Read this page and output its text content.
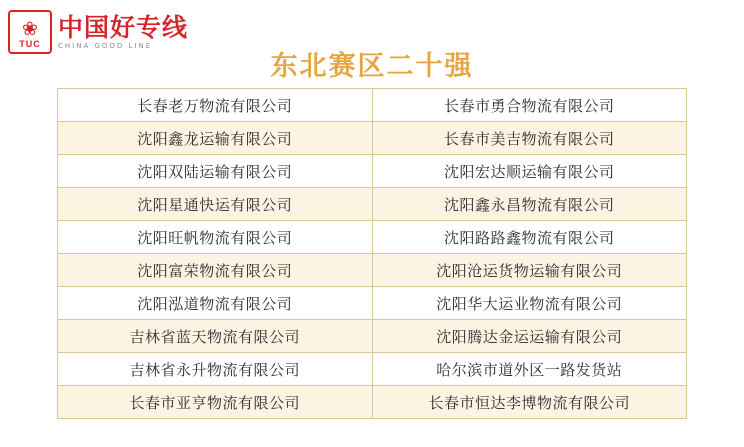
❀
TUC
中国好专线
CHINA GOOD LINE
东北赛区二十强
长春老万物流有限公司	长春市勇合物流有限公司
沈阳鑫龙运输有限公司	长春市美吉物流有限公司
沈阳双陆运输有限公司	沈阳宏达顺运输有限公司
沈阳星通快运有限公司	沈阳鑫永昌物流有限公司
沈阳旺帆物流有限公司	沈阳路路鑫物流有限公司
沈阳富荣物流有限公司	沈阳沧运货物运输有限公司
沈阳泓道物流有限公司	沈阳华大运业物流有限公司
吉林省蓝天物流有限公司	沈阳腾达金运运输有限公司
吉林省永升物流有限公司	哈尔滨市道外区一路发货站
长春市亚亨物流有限公司	长春市恒达李博物流有限公司
